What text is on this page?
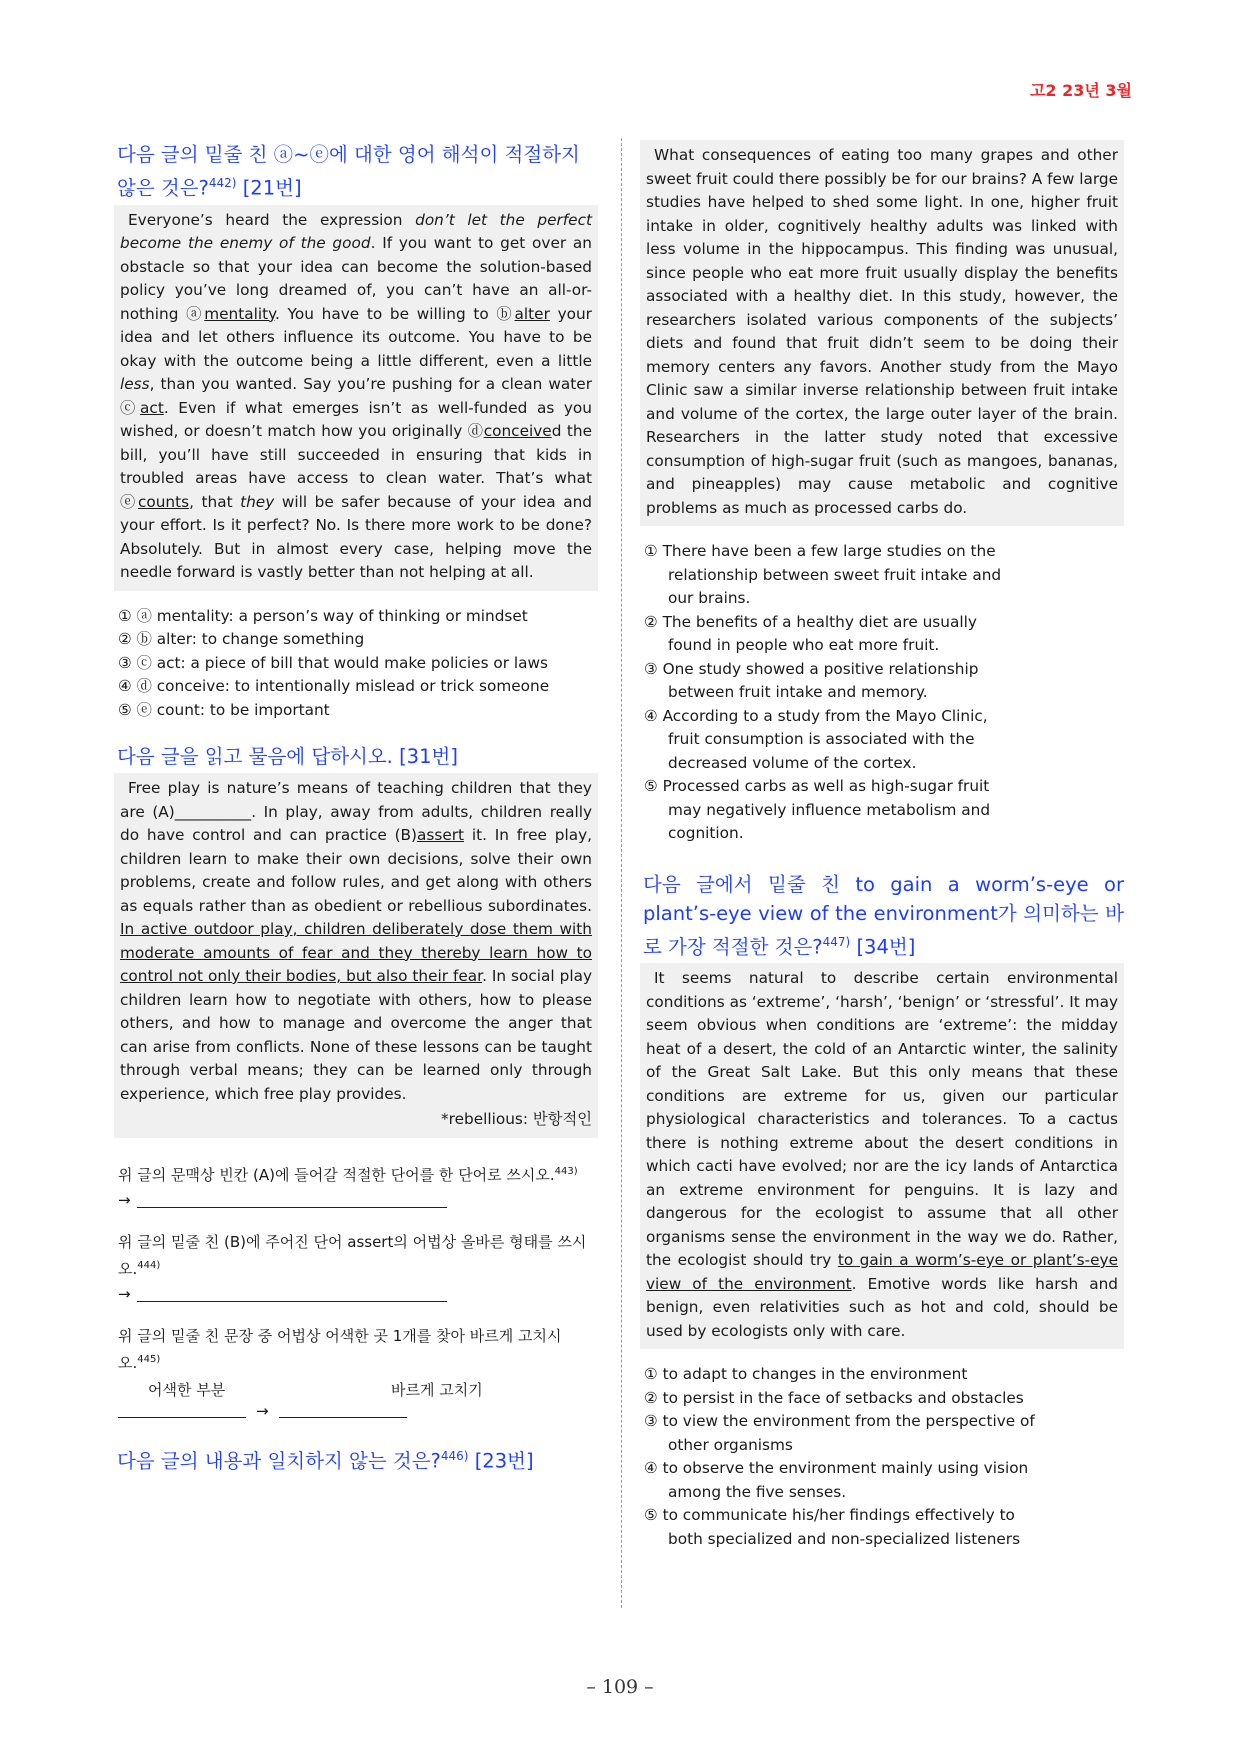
고2 23년 3월
다음 글의 밑줄 친 ⓐ~ⓔ에 대한 영어 해석이 적절하지 않은 것은?$^{442)}$ [21번]

Everyone’s heard the expression don’t let the perfect become the enemy of the good. If you want to get over an obstacle so that your idea can become the solution-based policy you’ve long dreamed of, you can’t have an all-or-nothing ⓐmentality. You have to be willing to ⓑalter your idea and let others influence its outcome. You have to be okay with the outcome being a little different, even a little less, than you wanted. Say you’re pushing for a clean water ⓒact. Even if what emerges isn’t as well-funded as you wished, or doesn’t match how you originally ⓓconceived the bill, you’ll have still succeeded in ensuring that kids in troubled areas have access to clean water. That’s what ⓔcounts, that they will be safer because of your idea and your effort. Is it perfect? No. Is there more work to be done? Absolutely. But in almost every case, helping move the needle forward is vastly better than not helping at all.

① ⓐ mentality: a person’s way of thinking or mindset
② ⓑ alter: to change something
③ ⓒ act: a piece of bill that would make policies or laws
④ ⓓ conceive: to intentionally mislead or trick someone
⑤ ⓔ count: to be important
다음 글을 읽고 물음에 답하시오. [31번]

Free play is nature’s means of teaching children that they are (A)__________. In play, away from adults, children really do have control and can practice (B)assert it. In free play, children learn to make their own decisions, solve their own problems, create and follow rules, and get along with others as equals rather than as obedient or rebellious subordinates. In active outdoor play, children deliberately dose them with moderate amounts of fear and they thereby learn how to control not only their bodies, but also their fear. In social play children learn how to negotiate with others, how to please others, and how to manage and overcome the anger that can arise from conflicts. None of these lessons can be taught through verbal means; they can be learned only through experience, which free play provides.

*rebellious: 반항적인
위 글의 문맥상 빈칸 (A)에 들어갈 적절한 단어를 한 단어로 쓰시오.$^{443)}$
→
위 글의 밑줄 친 (B)에 주어진 단어 assert의 어법상 올바른 형태를 쓰시오.$^{444)}$
→
위 글의 밑줄 친 문장 중 어법상 어색한 곳 1개를 찾아 바르게 고치시오.$^{445)}$
어색한 부분	바르게 고치기
→
다음 글의 내용과 일치하지 않는 것은?$^{446)}$ [23번]

What consequences of eating too many grapes and other sweet fruit could there possibly be for our brains? A few large studies have helped to shed some light. In one, higher fruit intake in older, cognitively healthy adults was linked with less volume in the hippocampus. This finding was unusual, since people who eat more fruit usually display the benefits associated with a healthy diet. In this study, however, the researchers isolated various components of the subjects’ diets and found that fruit didn’t seem to be doing their memory centers any favors. Another study from the Mayo Clinic saw a similar inverse relationship between fruit intake and volume of the cortex, the large outer layer of the brain. Researchers in the latter study noted that excessive consumption of high-sugar fruit (such as mangoes, bananas, and pineapples) may cause metabolic and cognitive problems as much as processed carbs do.

① There have been a few large studies on the relationship between sweet fruit intake and our brains.
② The benefits of a healthy diet are usually found in people who eat more fruit.
③ One study showed a positive relationship between fruit intake and memory.
④ According to a study from the Mayo Clinic, fruit consumption is associated with the decreased volume of the cortex.
⑤ Processed carbs as well as high-sugar fruit may negatively influence metabolism and cognition.
다음 글에서 밑줄 친 to gain a worm’s-eye or plant’s-eye view of the environment가 의미하는 바로 가장 적절한 것은?$^{447)}$ [34번]

It seems natural to describe certain environmental conditions as ‘extreme’, ‘harsh’, ‘benign’ or ‘stressful’. It may seem obvious when conditions are ‘extreme’: the midday heat of a desert, the cold of an Antarctic winter, the salinity of the Great Salt Lake. But this only means that these conditions are extreme for us, given our particular physiological characteristics and tolerances. To a cactus there is nothing extreme about the desert conditions in which cacti have evolved; nor are the icy lands of Antarctica an extreme environment for penguins. It is lazy and dangerous for the ecologist to assume that all other organisms sense the environment in the way we do. Rather, the ecologist should try to gain a worm’s-eye or plant’s-eye view of the environment. Emotive words like harsh and benign, even relativities such as hot and cold, should be used by ecologists only with care.

① to adapt to changes in the environment
② to persist in the face of setbacks and obstacles
③ to view the environment from the perspective of other organisms
④ to observe the environment mainly using vision among the five senses.
⑤ to communicate his/her findings effectively to both specialized and non-specialized listeners
– 109 –
